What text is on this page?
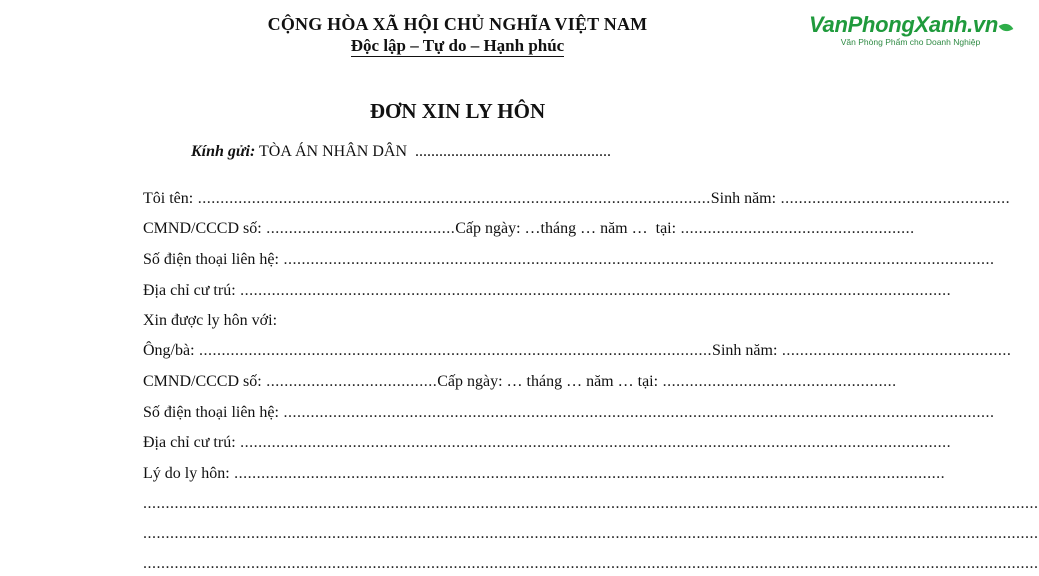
CỘNG HÒA XÃ HỘI CHỦ NGHĨA VIỆT NAM
Độc lập – Tự do – Hạnh phúc
VanPhongXanh.vn
Văn Phòng Phẩm cho Doanh Nghiệp
ĐƠN XIN LY HÔN
Kính gửi: TÒA ÁN NHÂN DÂN  .................................................
Tôi tên: .................................................................................................................. Sinh năm: ...................................................
CMND/CCCD số: .......................................... Cấp ngày: …tháng … năm … tại: ....................................................
Số điện thoại liên hệ: ..............................................................................................................................................................
Địa chỉ cư trú: ..............................................................................................................................................................
Xin được ly hôn với:
Ông/bà: .................................................................................................................. Sinh năm: ...................................................
CMND/CCCD số: ...................................... Cấp ngày: … tháng … năm … tại: ....................................................
Số điện thoại liên hệ: ..............................................................................................................................................................
Địa chỉ cư trú: ..............................................................................................................................................................
Lý do ly hôn: ..............................................................................................................................................................
.......................................................................................................................................................................................................
.......................................................................................................................................................................................................
.......................................................................................................................................................................................................
